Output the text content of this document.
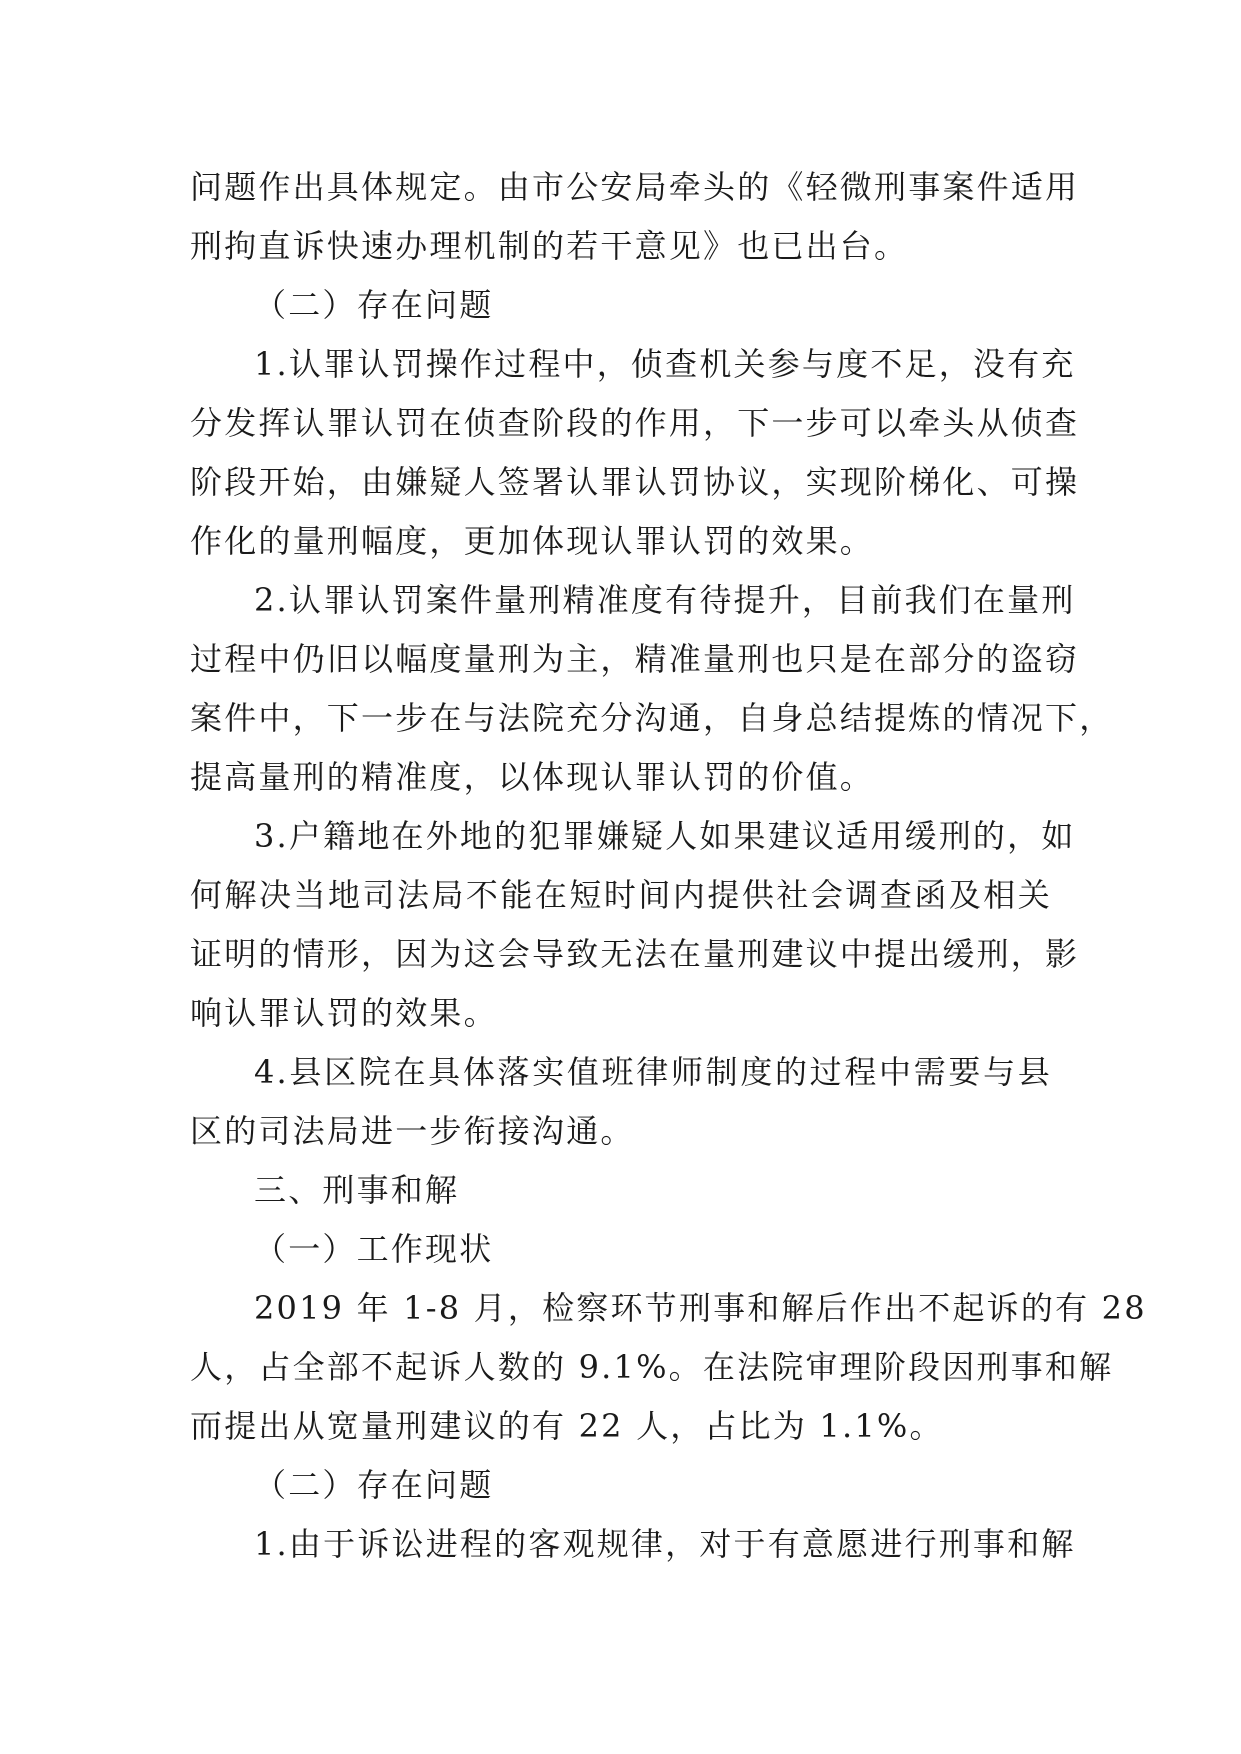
问题作出具体规定。由市公安局牵头的《轻微刑事案件适用
刑拘直诉快速办理机制的若干意见》也已出台。
（二）存在问题
1.认罪认罚操作过程中，侦查机关参与度不足，没有充
分发挥认罪认罚在侦查阶段的作用，下一步可以牵头从侦查
阶段开始，由嫌疑人签署认罪认罚协议，实现阶梯化、可操
作化的量刑幅度，更加体现认罪认罚的效果。
2.认罪认罚案件量刑精准度有待提升，目前我们在量刑
过程中仍旧以幅度量刑为主，精准量刑也只是在部分的盗窃
案件中，下一步在与法院充分沟通，自身总结提炼的情况下，
提高量刑的精准度，以体现认罪认罚的价值。
3.户籍地在外地的犯罪嫌疑人如果建议适用缓刑的，如
何解决当地司法局不能在短时间内提供社会调查函及相关
证明的情形，因为这会导致无法在量刑建议中提出缓刑，影
响认罪认罚的效果。
4.县区院在具体落实值班律师制度的过程中需要与县
区的司法局进一步衔接沟通。
三、刑事和解
（一）工作现状
2019 年 1-8 月，检察环节刑事和解后作出不起诉的有 28
人，占全部不起诉人数的 9.1%。在法院审理阶段因刑事和解
而提出从宽量刑建议的有 22 人，占比为 1.1%。
（二）存在问题
1.由于诉讼进程的客观规律，对于有意愿进行刑事和解
